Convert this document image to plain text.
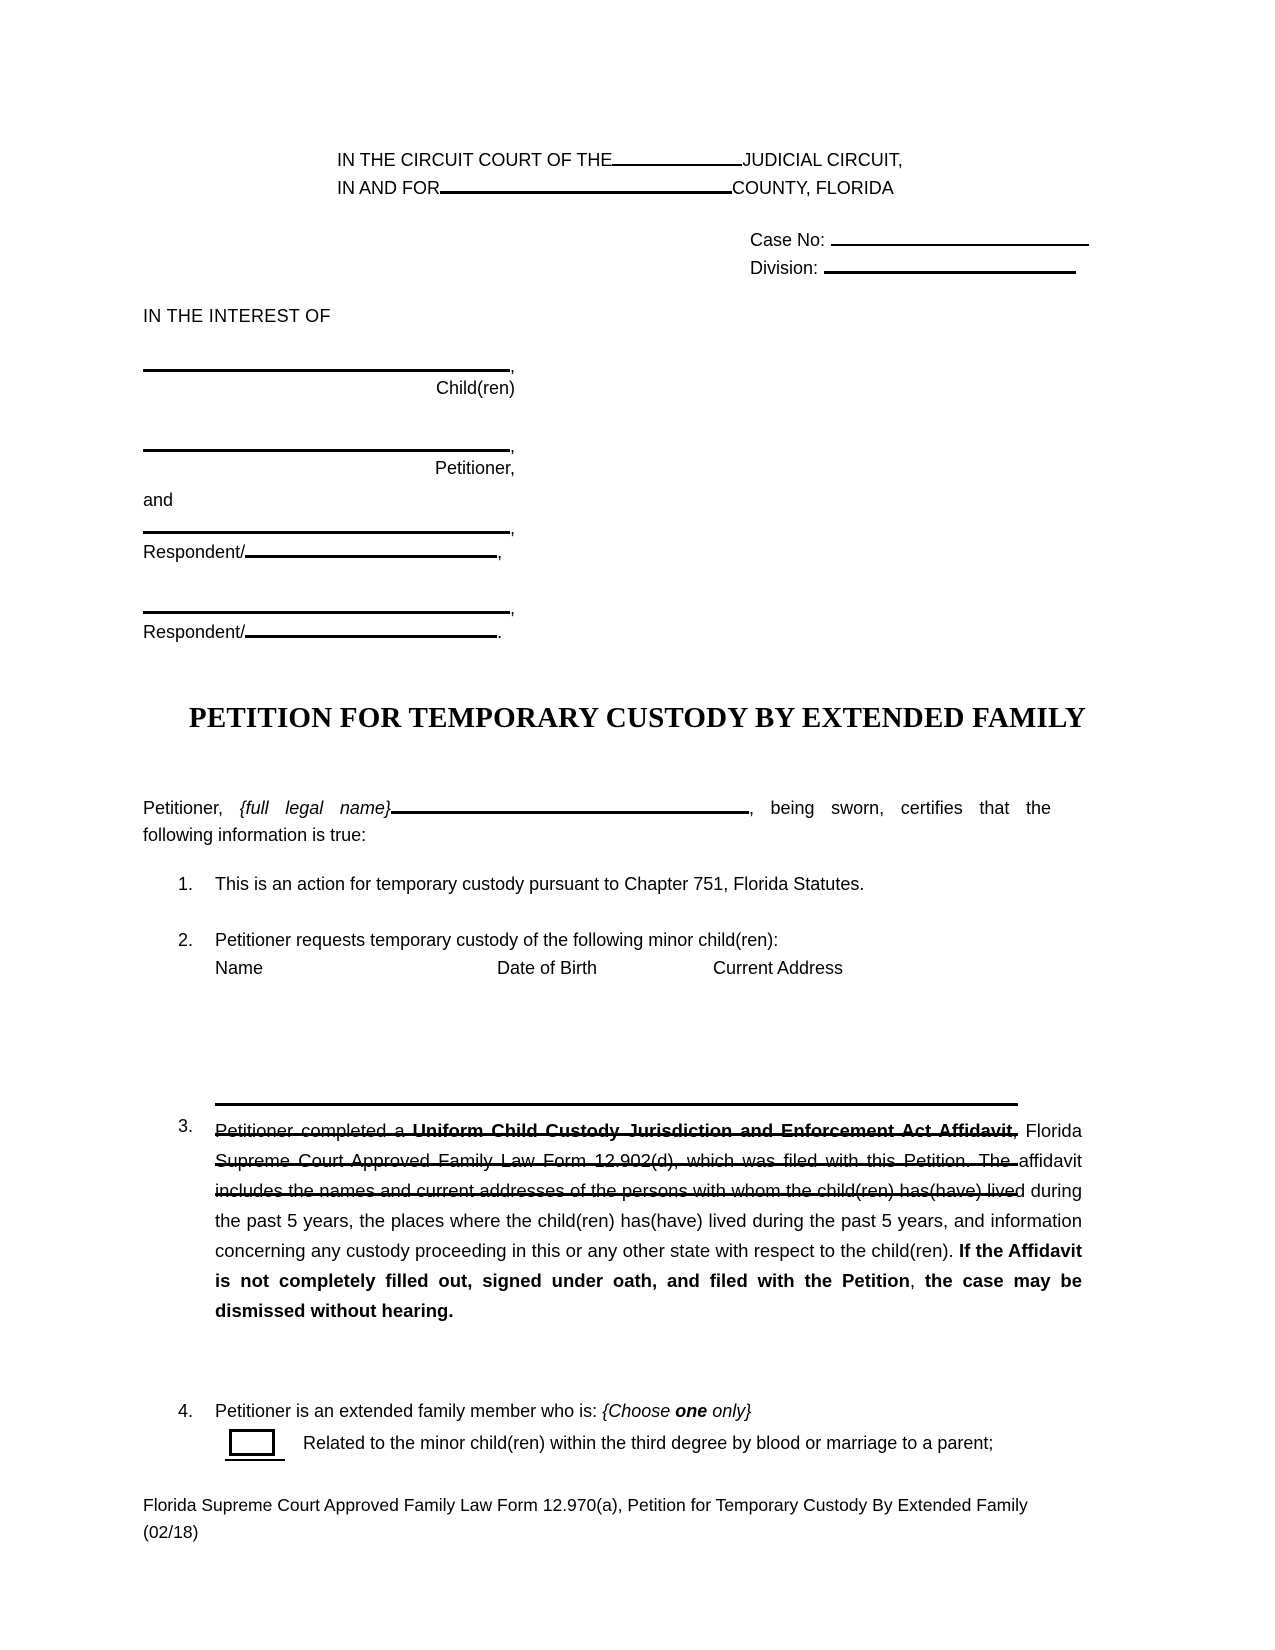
IN THE CIRCUIT COURT OF THE	JUDICIAL CIRCUIT,
IN AND FOR	COUNTY, FLORIDA
Case No:
Division:
IN THE INTEREST OF
,
Child(ren)
,
Petitioner,
and
,
Respondent/	,
,
Respondent/	.
PETITION FOR TEMPORARY CUSTODY BY EXTENDED FAMILY
Petitioner, {full legal name}	, being sworn, certifies that the
following information is true:
1.	This is an action for temporary custody pursuant to Chapter 751, Florida Statutes.
2. Petitioner requests temporary custody of the following minor child(ren):
Name	Date of Birth	Current Address
3.	Petitioner completed a Uniform Child Custody Jurisdiction and Enforcement Act Affidavit, Florida Supreme Court Approved Family Law Form 12.902(d), which was filed with this Petition. The affidavit includes the names and current addresses of the persons with whom the child(ren) has(have) lived during the past 5 years, the places where the child(ren) has(have) lived during the past 5 years, and information concerning any custody proceeding in this or any other state with respect to the child(ren). If the Affidavit is not completely filled out, signed under oath, and filed with the Petition, the case may be dismissed without hearing.
4.	Petitioner is an extended family member who is: {Choose one only}
Related to the minor child(ren) within the third degree by blood or marriage to a parent;
Florida Supreme Court Approved Family Law Form 12.970(a), Petition for Temporary Custody By Extended Family
(02/18)
